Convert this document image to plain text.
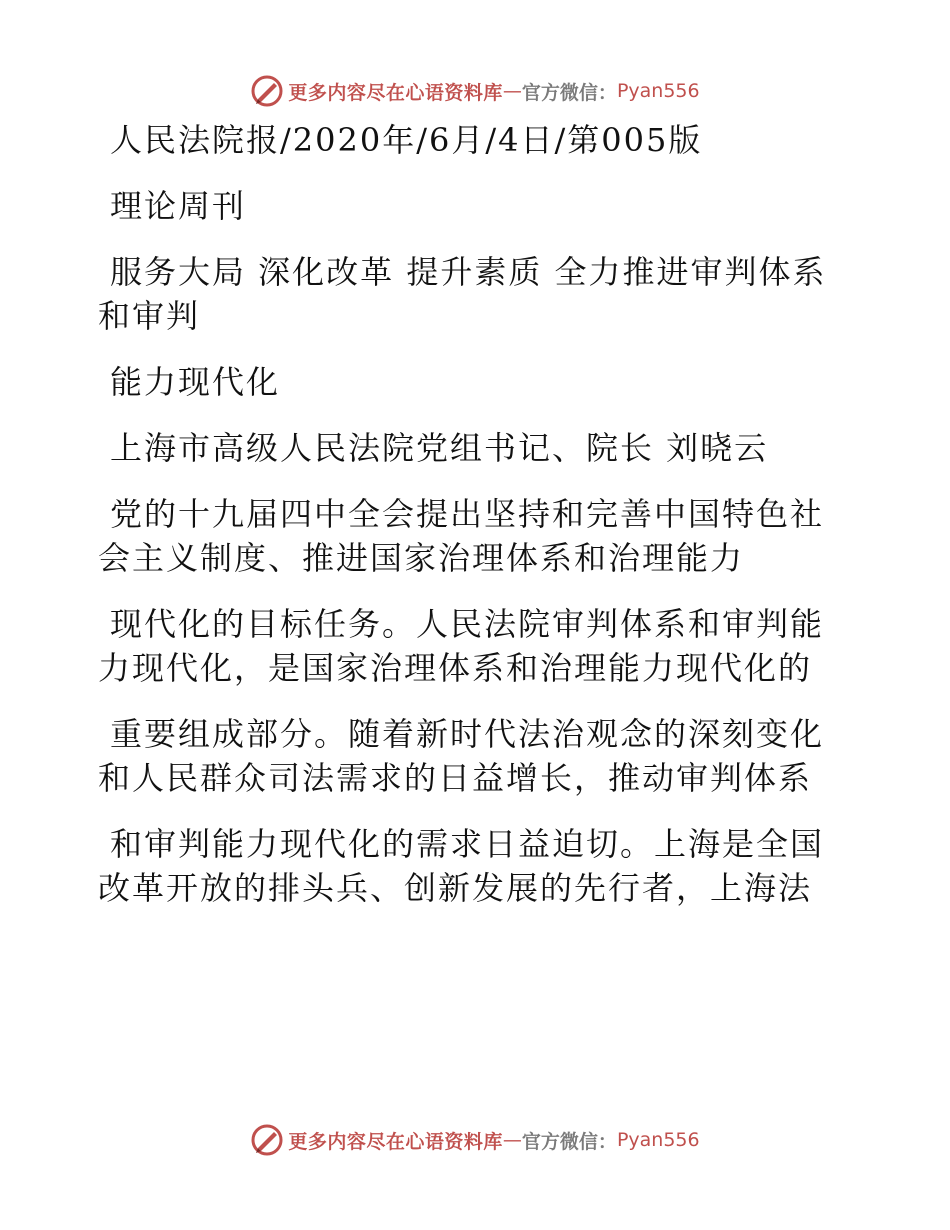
更多内容尽在心语资料库 — 官方微信： Pyan556
人民法院报/2020年/6月/4日/第005版
理论周刊
服务大局 深化改革 提升素质 全力推进审判体系
和审判
能力现代化
上海市高级人民法院党组书记、院长 刘晓云
党的十九届四中全会提出坚持和完善中国特色社
会主义制度、推进国家治理体系和治理能力
现代化的目标任务。人民法院审判体系和审判能
力现代化，是国家治理体系和治理能力现代化的
重要组成部分。随着新时代法治观念的深刻变化
和人民群众司法需求的日益增长，推动审判体系
和审判能力现代化的需求日益迫切。上海是全国
改革开放的排头兵、创新发展的先行者，上海法
更多内容尽在心语资料库 — 官方微信： Pyan556
